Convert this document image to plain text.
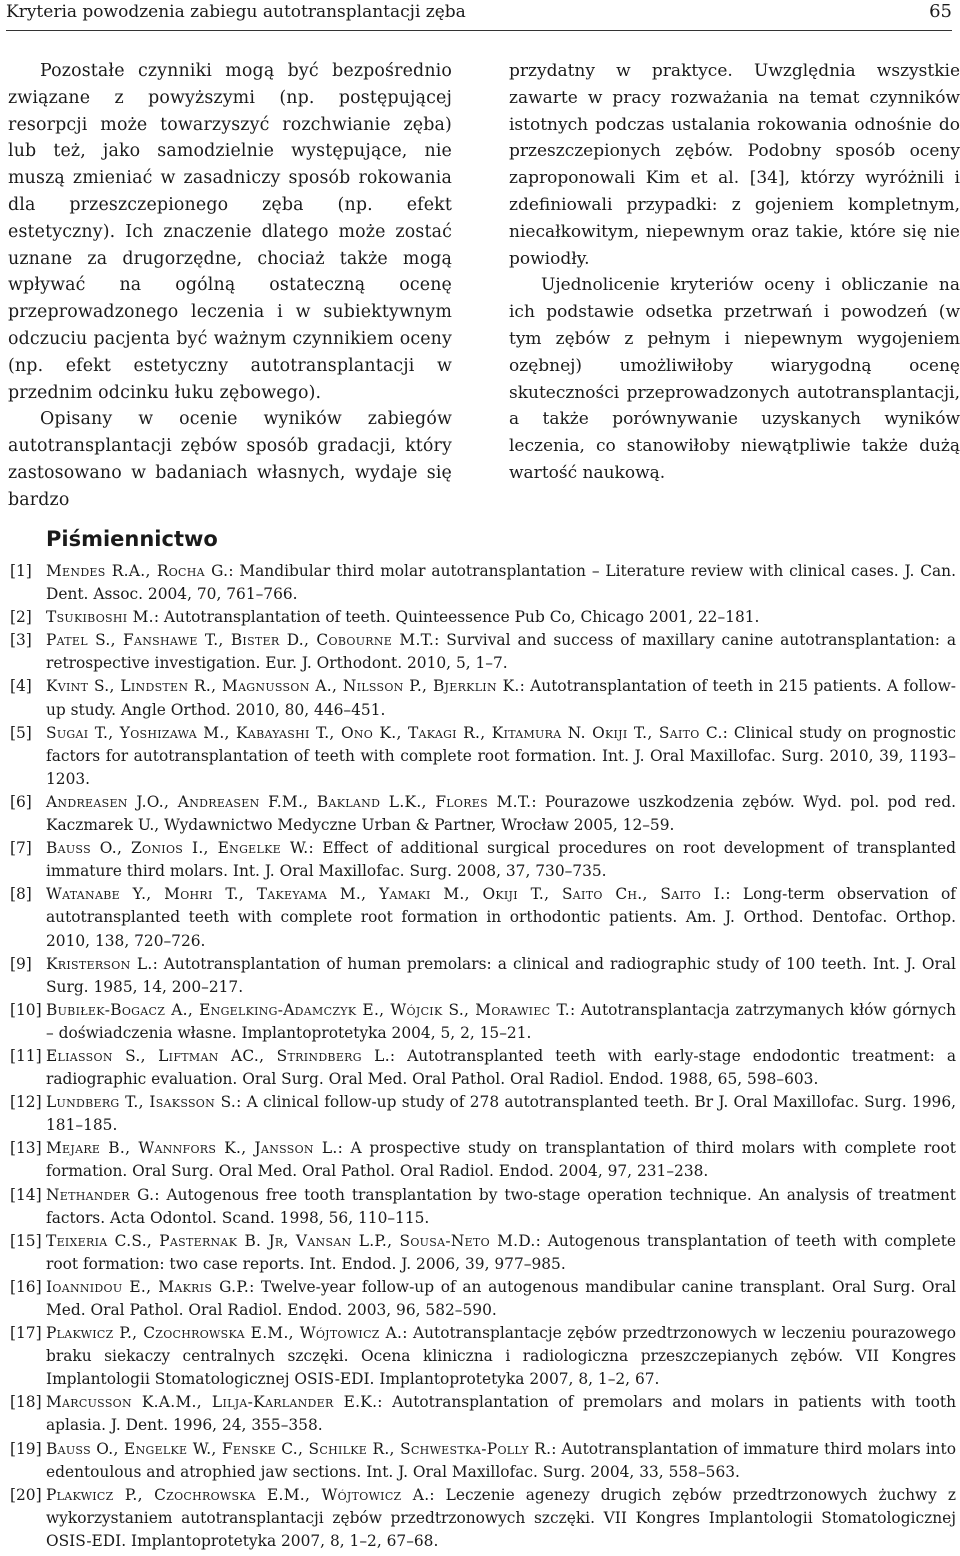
Kryteria powodzenia zabiegu autotransplantacji zęba	65

Pozostałe czynniki mogą być bezpośrednio związane z powyższymi (np. postępującej resorpcji może towarzyszyć rozchwianie zęba) lub też, jako samodzielnie występujące, nie muszą zmieniać w zasadniczy sposób rokowania dla przeszczepionego zęba (np. efekt estetyczny). Ich znaczenie dlatego może zostać uznane za drugorzędne, chociaż także mogą wpływać na ogólną ostateczną ocenę przeprowadzonego leczenia i w subiektywnym odczuciu pacjenta być ważnym czynnikiem oceny (np. efekt estetyczny autotransplantacji w przednim odcinku łuku zębowego).

Opisany w ocenie wyników zabiegów autotransplantacji zębów sposób gradacji, który zastosowano w badaniach własnych, wydaje się bardzo

przydatny w praktyce. Uwzględnia wszystkie zawarte w pracy rozważania na temat czynników istotnych podczas ustalania rokowania odnośnie do przeszczepionych zębów. Podobny sposób oceny zaproponowali Kim et al. [34], którzy wyróżnili i zdefiniowali przypadki: z gojeniem kompletnym, niecałkowitym, niepewnym oraz takie, które się nie powiodły.

Ujednolicenie kryteriów oceny i obliczanie na ich podstawie odsetka przetrwań i powodzeń (w tym zębów z pełnym i niepewnym wygojeniem ozębnej) umożliwiłoby wiarygodną ocenę skuteczności przeprowadzonych autotransplantacji, a także porównywanie uzyskanych wyników leczenia, co stanowiłoby niewątpliwie także dużą wartość naukową.

Piśmiennictwo
[1] Mendes R.A., Rocha G.: Mandibular third molar autotransplantation – Literature review with clinical cases. J. Can. Dent. Assoc. 2004, 70, 761–766.
[2] Tsukiboshi M.: Autotransplantation of teeth. Quinteessence Pub Co, Chicago 2001, 22–181.
[3] Patel S., Fanshawe T., Bister D., Cobourne M.T.: Survival and success of maxillary canine autotransplantation: a retrospective investigation. Eur. J. Orthodont. 2010, 5, 1–7.
[4] Kvint S., Lindsten R., Magnusson A., Nilsson P., Bjerklin K.: Autotransplantation of teeth in 215 patients. A follow-up study. Angle Orthod. 2010, 80, 446–451.
[5] Sugai T., Yoshizawa M., Kabayashi T., Ono K., Takagi R., Kitamura N. Okiji T., Saito C.: Clinical study on prognostic factors for autotransplantation of teeth with complete root formation. Int. J. Oral Maxillofac. Surg. 2010, 39, 1193–1203.
[6] Andreasen J.O., Andreasen F.M., Bakland L.K., Flores M.T.: Pourazowe uszkodzenia zębów. Wyd. pol. pod red. Kaczmarek U., Wydawnictwo Medyczne Urban & Partner, Wrocław 2005, 12–59.
[7] Bauss O., Zonios I., Engelke W.: Effect of additional surgical procedures on root development of transplanted immature third molars. Int. J. Oral Maxillofac. Surg. 2008, 37, 730–735.
[8] Watanabe Y., Mohri T., Takeyama M., Yamaki M., Okiji T., Saito Ch., Saito I.: Long-term observation of autotransplanted teeth with complete root formation in orthodontic patients. Am. J. Orthod. Dentofac. Orthop. 2010, 138, 720–726.
[9] Kristerson L.: Autotransplantation of human premolars: a clinical and radiographic study of 100 teeth. Int. J. Oral Surg. 1985, 14, 200–217.
[10] Bubiłek-Bogacz A., Engelking-Adamczyk E., Wójcik S., Morawiec T.: Autotransplantacja zatrzymanych kłów górnych – doświadczenia własne. Implantoprotetyka 2004, 5, 2, 15–21.
[11] Eliasson S., Liftman AC., Strindberg L.: Autotransplanted teeth with early-stage endodontic treatment: a radiographic evaluation. Oral Surg. Oral Med. Oral Pathol. Oral Radiol. Endod. 1988, 65, 598–603.
[12] Lundberg T., Isaksson S.: A clinical follow-up study of 278 autotransplanted teeth. Br J. Oral Maxillofac. Surg. 1996, 181–185.
[13] Mejare B., Wannfors K., Jansson L.: A prospective study on transplantation of third molars with complete root formation. Oral Surg. Oral Med. Oral Pathol. Oral Radiol. Endod. 2004, 97, 231–238.
[14] Nethander G.: Autogenous free tooth transplantation by two-stage operation technique. An analysis of treatment factors. Acta Odontol. Scand. 1998, 56, 110–115.
[15] Teixeria C.S., Pasternak B. Jr, Vansan L.P., Sousa-Neto M.D.: Autogenous transplantation of teeth with complete root formation: two case reports. Int. Endod. J. 2006, 39, 977–985.
[16] Ioannidou E., Makris G.P.: Twelve-year follow-up of an autogenous mandibular canine transplant. Oral Surg. Oral Med. Oral Pathol. Oral Radiol. Endod. 2003, 96, 582–590.
[17] Plakwicz P., Czochrowska E.M., Wójtowicz A.: Autotransplantacje zębów przedtrzonowych w leczeniu pourazowego braku siekaczy centralnych szczęki. Ocena kliniczna i radiologiczna przeszczepianych zębów. VII Kongres Implantologii Stomatologicznej OSIS-EDI. Implantoprotetyka 2007, 8, 1–2, 67.
[18] Marcusson K.A.M., Lilja-Karlander E.K.: Autotransplantation of premolars and molars in patients with tooth aplasia. J. Dent. 1996, 24, 355–358.
[19] Bauss O., Engelke W., Fenske C., Schilke R., Schwestka-Polly R.: Autotransplantation of immature third molars into edentoulous and atrophied jaw sections. Int. J. Oral Maxillofac. Surg. 2004, 33, 558–563.
[20] Plakwicz P., Czochrowska E.M., Wójtowicz A.: Leczenie agenezy drugich zębów przedtrzonowych żuchwy z wykorzystaniem autotransplantacji zębów przedtrzonowych szczęki. VII Kongres Implantologii Stomatologicznej OSIS-EDI. Implantoprotetyka 2007, 8, 1–2, 67–68.
